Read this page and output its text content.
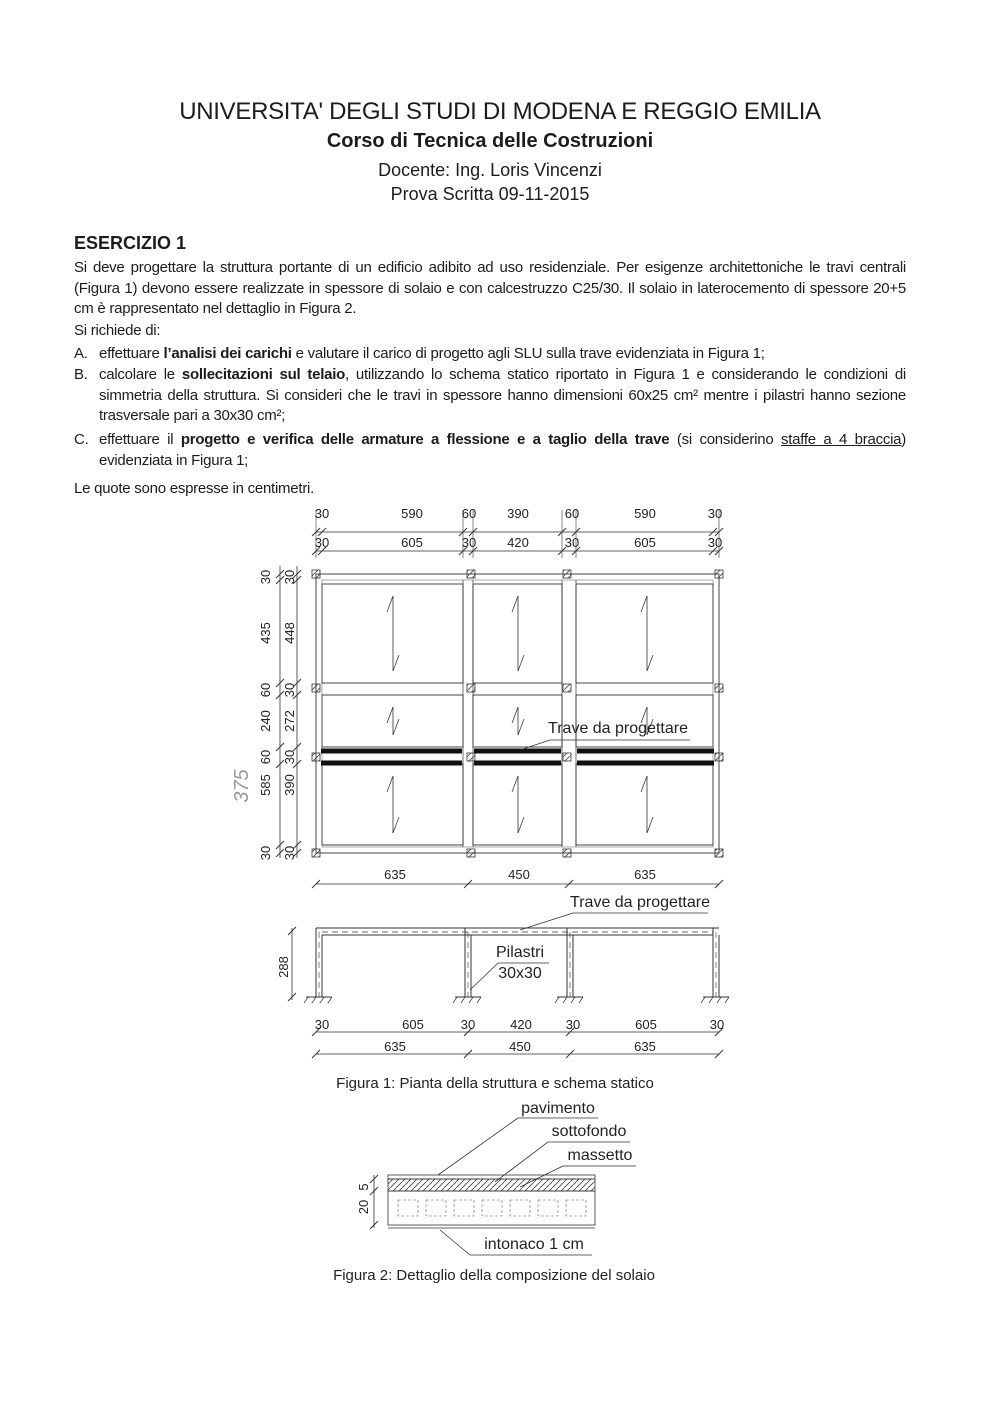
UNIVERSITA' DEGLI STUDI DI MODENA E REGGIO EMILIA
Corso di Tecnica delle Costruzioni
Docente: Ing. Loris Vincenzi
Prova Scritta 09-11-2015
ESERCIZIO 1
Si deve progettare la struttura portante di un edificio adibito ad uso residenziale. Per esigenze architettoniche le travi centrali (Figura 1) devono essere realizzate in spessore di solaio e con calcestruzzo C25/30. Il solaio in laterocemento di spessore 20+5 cm è rappresentato nel dettaglio in Figura 2.
Si richiede di:
A. effettuare l’analisi dei carichi e valutare il carico di progetto agli SLU sulla trave evidenziata in Figura 1;
B. calcolare le sollecitazioni sul telaio, utilizzando lo schema statico riportato in Figura 1 e considerando le condizioni di simmetria della struttura. Si consideri che le travi in spessore hanno dimensioni 60x25 cm² mentre i pilastri hanno sezione trasversale pari a 30x30 cm²;
C. effettuare il progetto e verifica delle armature a flessione e a taglio della trave (si considerino staffe a 4 braccia) evidenziata in Figura 1;
Le quote sono espresse in centimetri.
Trave da progettare
30	590	60 390	60	590	30
30	605	30 420	30	605	30
30
435
60
240
60
585
30
30
448
30
272
30
390
30
375
635	450	635
Trave da progettare
Pilastri
30x30
288
30	605	30	420	30	605	30
635	450	635
Figura 1: Pianta della struttura e schema statico
pavimento
sottofondo
massetto
20
5
intonaco 1 cm
Figura 2: Dettaglio della composizione del solaio
